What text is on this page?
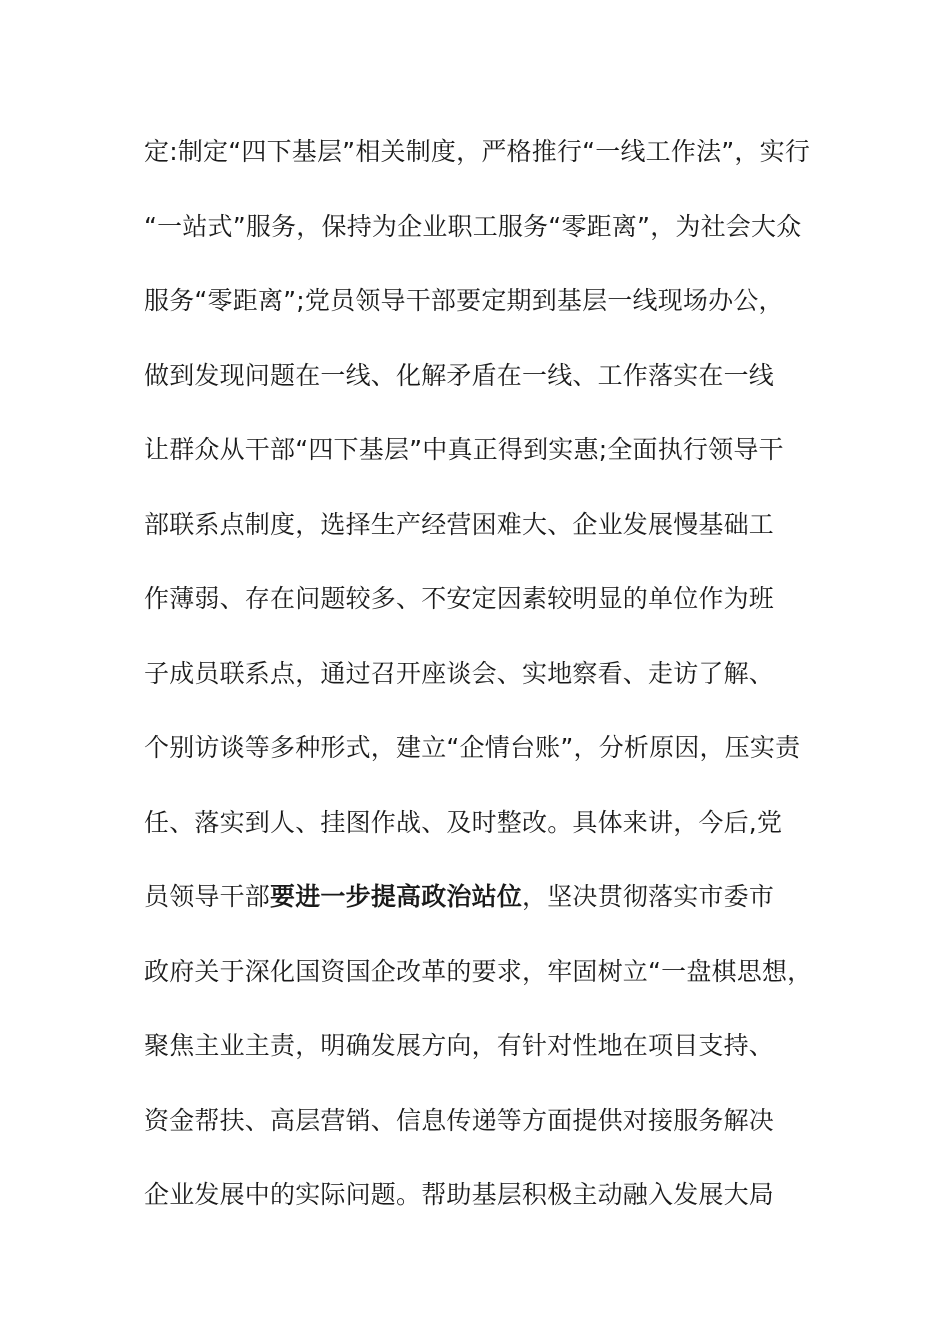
定:制定“四下基层”相关制度，严格推行“一线工作法”，实行
“一站式”服务，保持为企业职工服务“零距离”，为社会大众
服务“零距离”;党员领导干部要定期到基层一线现场办公，
做到发现问题在一线、化解矛盾在一线、工作落实在一线
让群众从干部“四下基层”中真正得到实惠;全面执行领导干
部联系点制度，选择生产经营困难大、企业发展慢基础工
作薄弱、存在问题较多、不安定因素较明显的单位作为班
子成员联系点，通过召开座谈会、实地察看、走访了解、
个别访谈等多种形式，建立“企情台账”，分析原因，压实责
任、落实到人、挂图作战、及时整改。具体来讲，今后,党
员领导干部要进一步提高政治站位，坚决贯彻落实市委市
政府关于深化国资国企改革的要求，牢固树立“一盘棋思想，
聚焦主业主责，明确发展方向，有针对性地在项目支持、
资金帮扶、高层营销、信息传递等方面提供对接服务解决
企业发展中的实际问题。帮助基层积极主动融入发展大局
